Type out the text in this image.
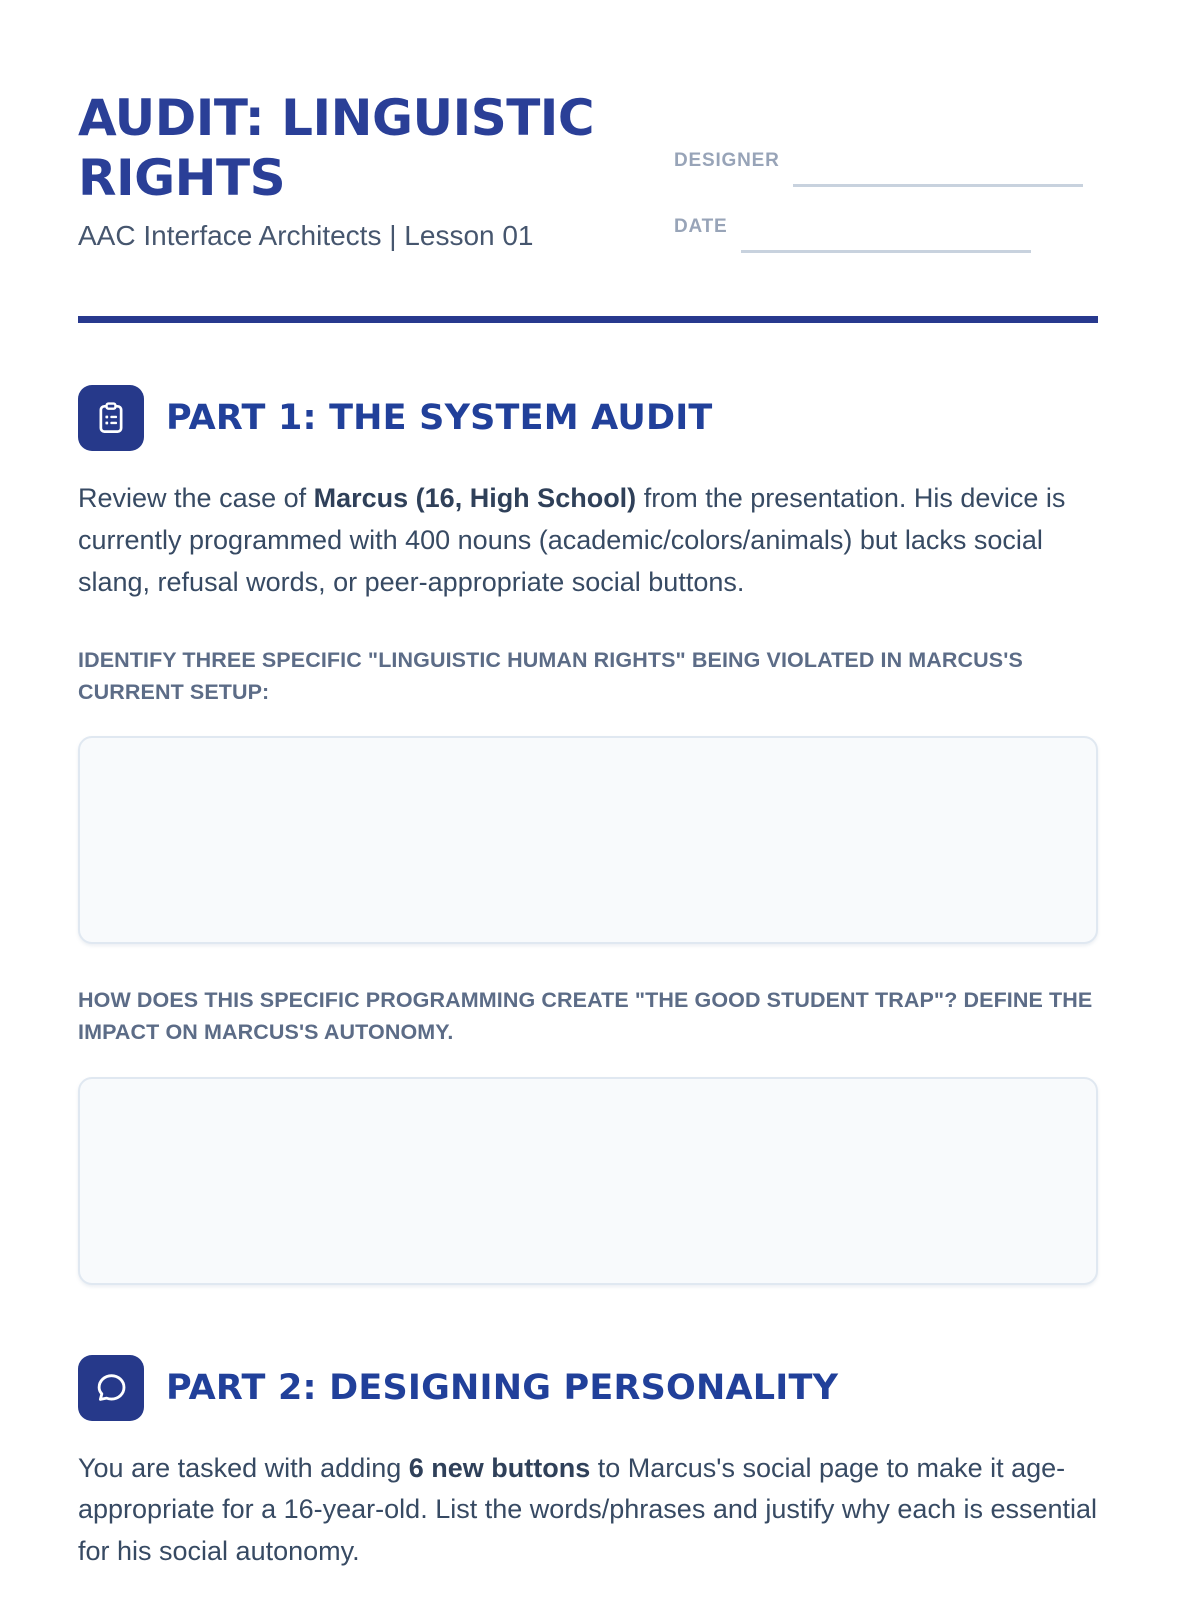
AUDIT: LINGUISTIC
RIGHTS
AAC Interface Architects | Lesson 01
DESIGNER
DATE
PART 1: THE SYSTEM AUDIT
Review the case of Marcus (16, High School) from the presentation. His device is currently programmed with 400 nouns (academic/colors/animals) but lacks social slang, refusal words, or peer-appropriate social buttons.
IDENTIFY THREE SPECIFIC "LINGUISTIC HUMAN RIGHTS" BEING VIOLATED IN MARCUS'S CURRENT SETUP:
HOW DOES THIS SPECIFIC PROGRAMMING CREATE "THE GOOD STUDENT TRAP"? DEFINE THE IMPACT ON MARCUS'S AUTONOMY.
PART 2: DESIGNING PERSONALITY
You are tasked with adding 6 new buttons to Marcus's social page to make it age-appropriate for a 16-year-old. List the words/phrases and justify why each is essential for his social autonomy.
